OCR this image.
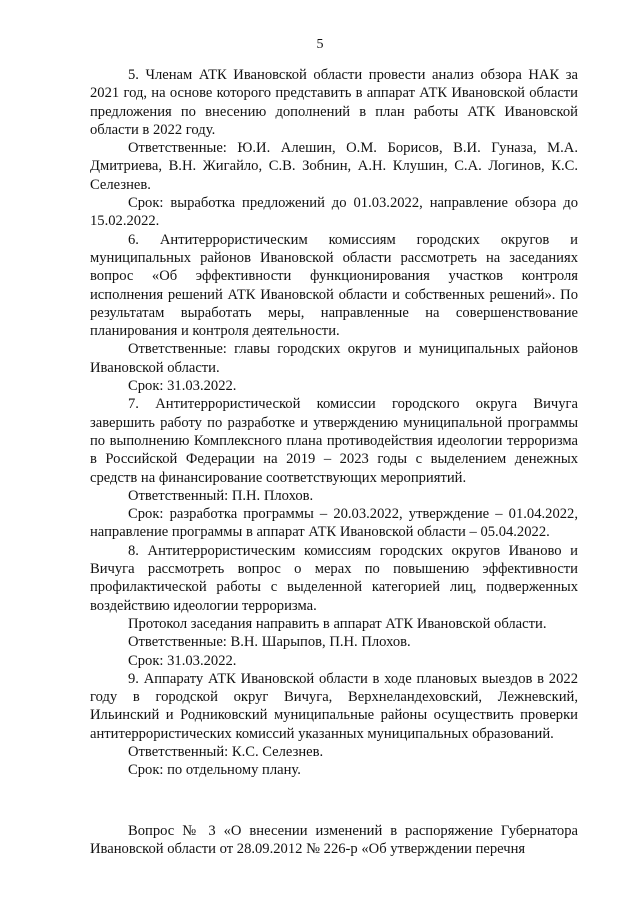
5

5. Членам АТК Ивановской области провести анализ обзора НАК за 2021 год, на основе которого представить в аппарат АТК Ивановской области предложения по внесению дополнений в план работы АТК Ивановской области в 2022 году.

Ответственные: Ю.И. Алешин, О.М. Борисов, В.И. Гуназа, М.А. Дмитриева, В.Н. Жигайло, С.В. Зобнин, А.Н. Клушин, С.А. Логинов, К.С. Селезнев.

Срок: выработка предложений до 01.03.2022, направление обзора до 15.02.2022.

6. Антитеррористическим комиссиям городских округов и муниципальных районов Ивановской области рассмотреть на заседаниях вопрос «Об эффективности функционирования участков контроля исполнения решений АТК Ивановской области и собственных решений». По результатам выработать меры, направленные на совершенствование планирования и контроля деятельности.

Ответственные: главы городских округов и муниципальных районов Ивановской области.

Срок: 31.03.2022.

7. Антитеррористической комиссии городского округа Вичуга завершить работу по разработке и утверждению муниципальной программы по выполнению Комплексного плана противодействия идеологии терроризма в Российской Федерации на 2019 – 2023 годы с выделением денежных средств на финансирование соответствующих мероприятий.

Ответственный: П.Н. Плохов.

Срок: разработка программы – 20.03.2022, утверждение – 01.04.2022, направление программы в аппарат АТК Ивановской области – 05.04.2022.

8. Антитеррористическим комиссиям городских округов Иваново и Вичуга рассмотреть вопрос о мерах по повышению эффективности профилактической работы с выделенной категорией лиц, подверженных воздействию идеологии терроризма.

Протокол заседания направить в аппарат АТК Ивановской области.

Ответственные: В.Н. Шарыпов, П.Н. Плохов.

Срок: 31.03.2022.

9. Аппарату АТК Ивановской области в ходе плановых выездов в 2022 году в городской округ Вичуга, Верхнеландеховский, Лежневский, Ильинский и Родниковский муниципальные районы осуществить проверки антитеррористических комиссий указанных муниципальных образований.

Ответственный: К.С. Селезнев.

Срок: по отдельному плану.

Вопрос № 3 «О внесении изменений в распоряжение Губернатора Ивановской области от 28.09.2012 № 226-р «Об утверждении перечня
